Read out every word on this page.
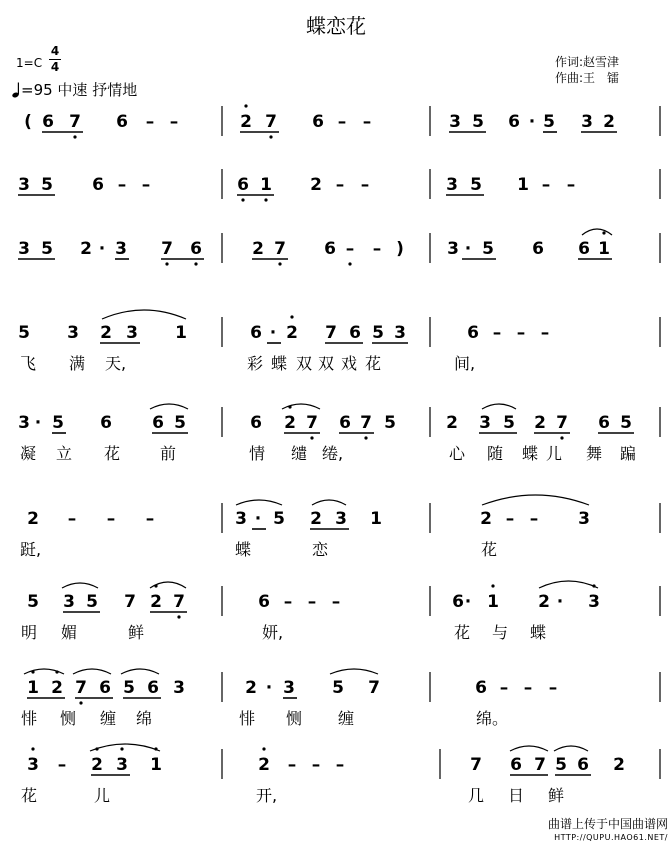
蝶恋花
1=C
4
4
=95 中速 抒情地
作词:赵雪津
作曲:王　镭
( 6 7 6 – –	2 7 6 – –	3 5 6 · 5 3 2
3 5 6 – –	6 1 2 – –	3 5 1 – –
3 5 2 · 3 7 6	2 7 6 – – )	3 · 5 6 6 1
5 3 2 3 1	6 · 2 7 6 5 3	6 – – –
飞 满 天,	彩 蝶 双 双 戏 花	间,
3 · 5 6 6 5	6 2 7 6 7 5	2 3 5 2 7 6 5
凝 立 花 前	情 缱 绻,	心 随 蝶 儿 舞 蹁
2 – – –	3 · 5 2 3 1	2 – – 3
跹,	蝶	恋	花
5 3 5 7 2 7	6 – – –	6 · 1 2 · 3
明 媚	鲜	妍,	花 与 蝶
1 2 7 6 5 6 3	2 · 3 5 7	6 – – –
悱 恻 缠 绵	悱 恻 缠	绵。
3 – 2 3 1	2 – – –	7 6 7 5 6 2
花	儿	开,	几 日 鲜
曲谱上传于中国曲谱网
HTTP://QUPU.HAO61.NET/
